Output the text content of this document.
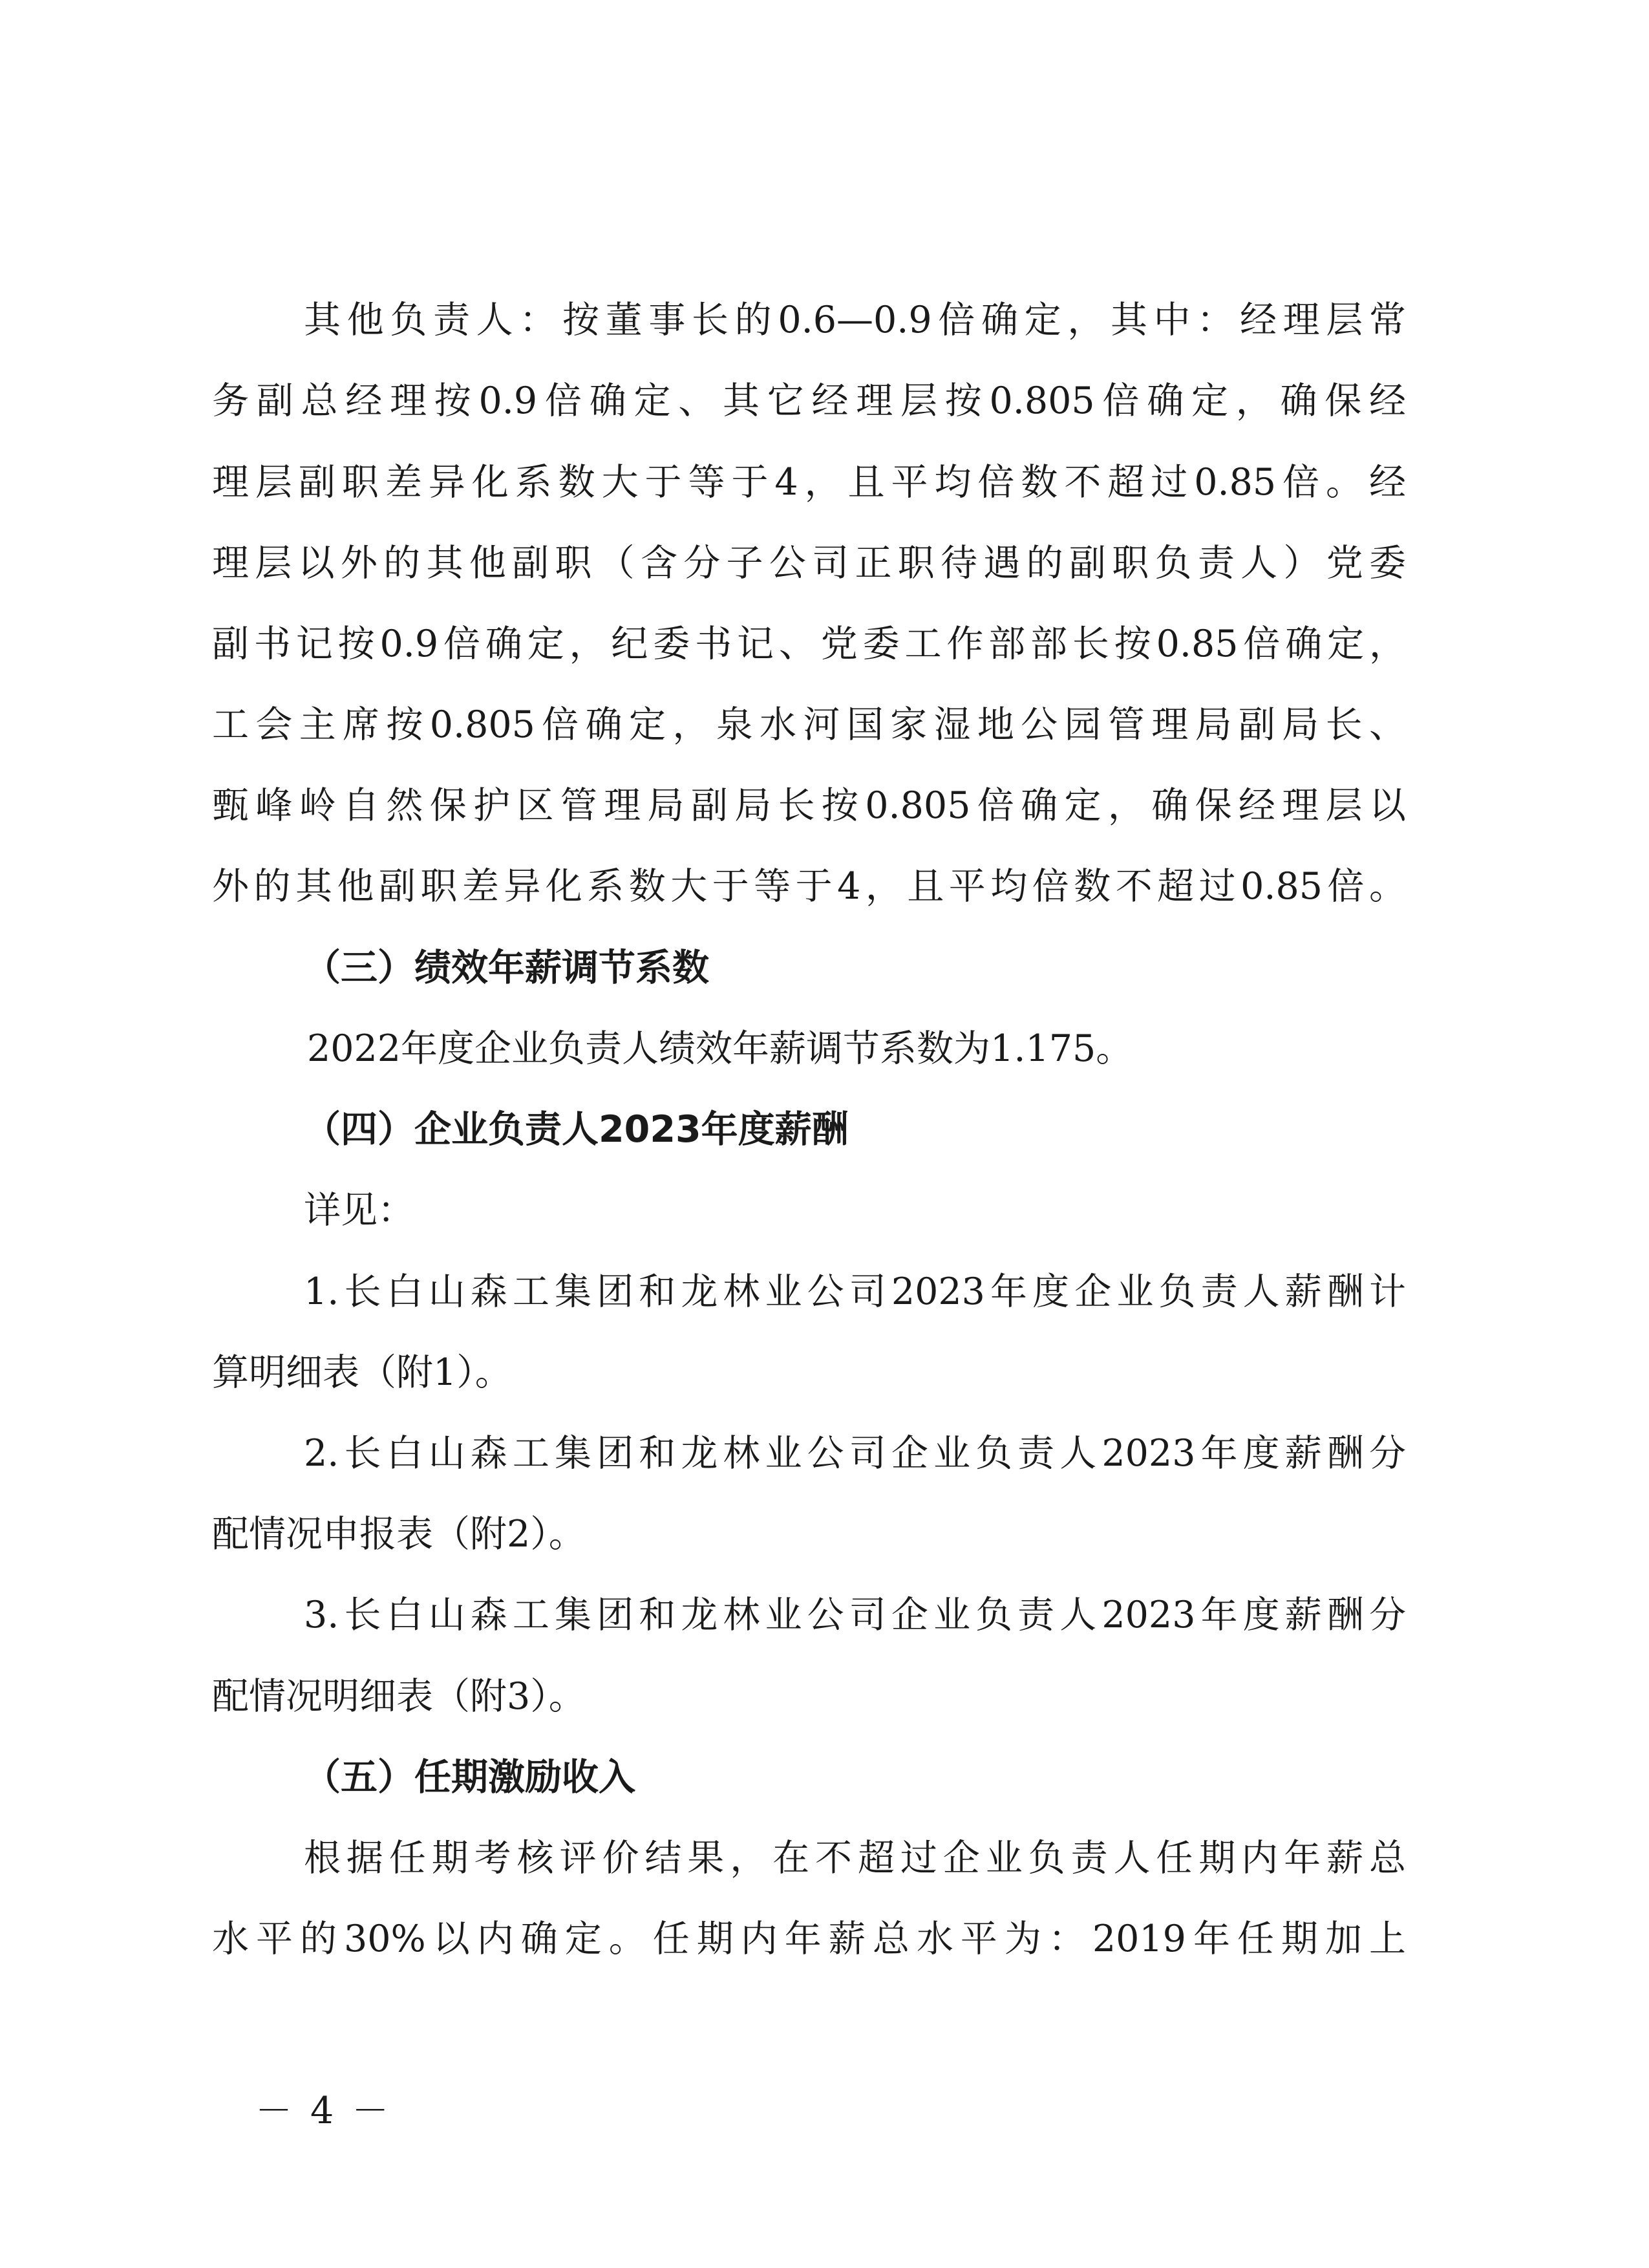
其他负责人：按董事长的0.6—0.9倍确定，其中：经理层常
务副总经理按0.9倍确定、其它经理层按0.805倍确定，确保经
理层副职差异化系数大于等于4，且平均倍数不超过0.85倍。经
理层以外的其他副职（含分子公司正职待遇的副职负责人）党委
副书记按0.9倍确定，纪委书记、党委工作部部长按0.85倍确定，
工会主席按0.805倍确定，泉水河国家湿地公园管理局副局长、
甄峰岭自然保护区管理局副局长按0.805倍确定，确保经理层以
外的其他副职差异化系数大于等于4，且平均倍数不超过0.85倍。
（三）绩效年薪调节系数
2022年度企业负责人绩效年薪调节系数为1.175。
（四）企业负责人2023年度薪酬
详见：
1.长白山森工集团和龙林业公司2023年度企业负责人薪酬计
算明细表（附1）。
2.长白山森工集团和龙林业公司企业负责人2023年度薪酬分
配情况申报表（附2）。
3.长白山森工集团和龙林业公司企业负责人2023年度薪酬分
配情况明细表（附3）。
（五）任期激励收入
根据任期考核评价结果，在不超过企业负责人任期内年薪总
水平的30%以内确定。任期内年薪总水平为：2019年任期加上
－4－
